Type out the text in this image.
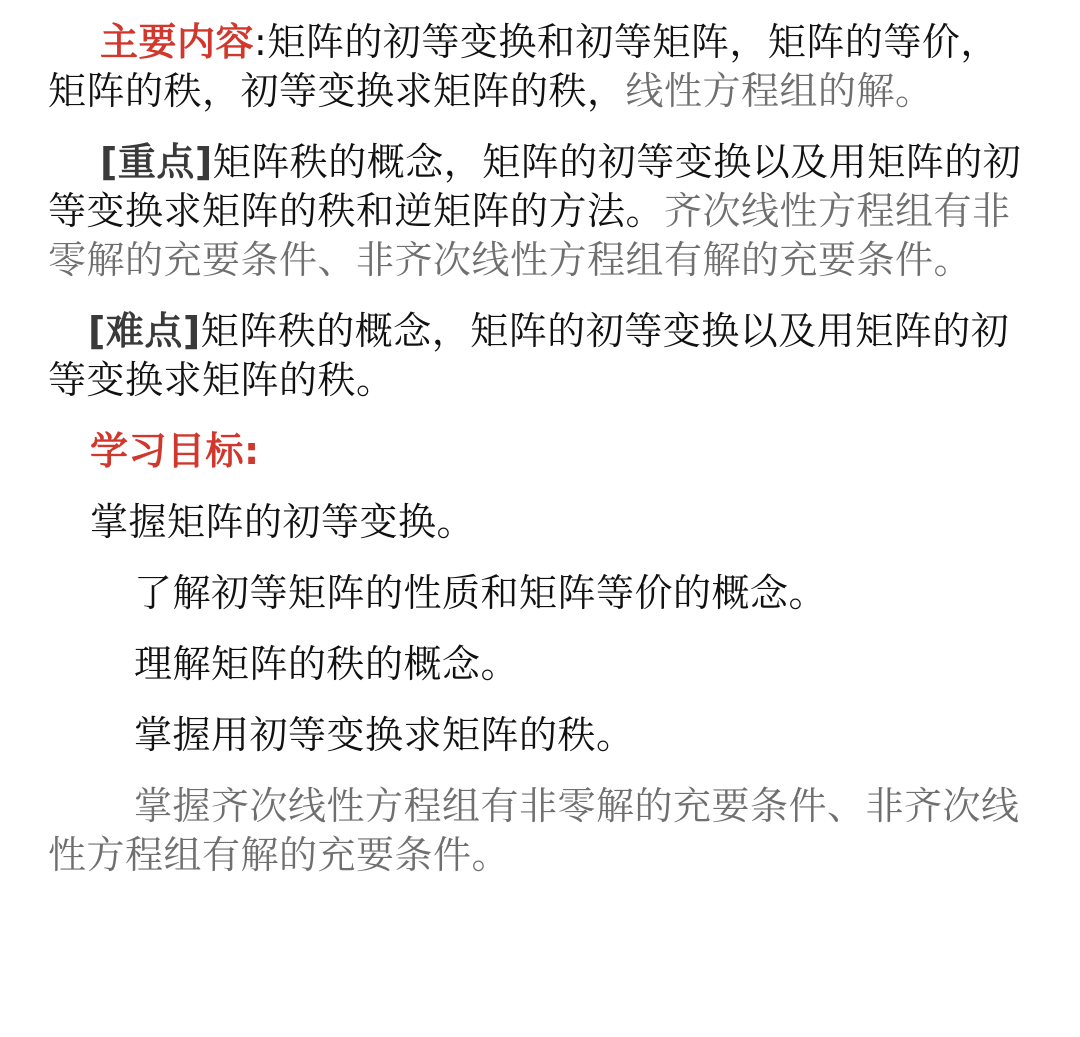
主要内容:矩阵的初等变换和初等矩阵，矩阵的等价，矩阵的秩，初等变换求矩阵的秩，线性方程组的解。

[重点]矩阵秩的概念，矩阵的初等变换以及用矩阵的初等变换求矩阵的秩和逆矩阵的方法。齐次线性方程组有非零解的充要条件、非齐次线性方程组有解的充要条件。

[难点]矩阵秩的概念，矩阵的初等变换以及用矩阵的初等变换求矩阵的秩。

学习目标:

掌握矩阵的初等变换。

了解初等矩阵的性质和矩阵等价的概念。

理解矩阵的秩的概念。

掌握用初等变换求矩阵的秩。

掌握齐次线性方程组有非零解的充要条件、非齐次线性方程组有解的充要条件。
